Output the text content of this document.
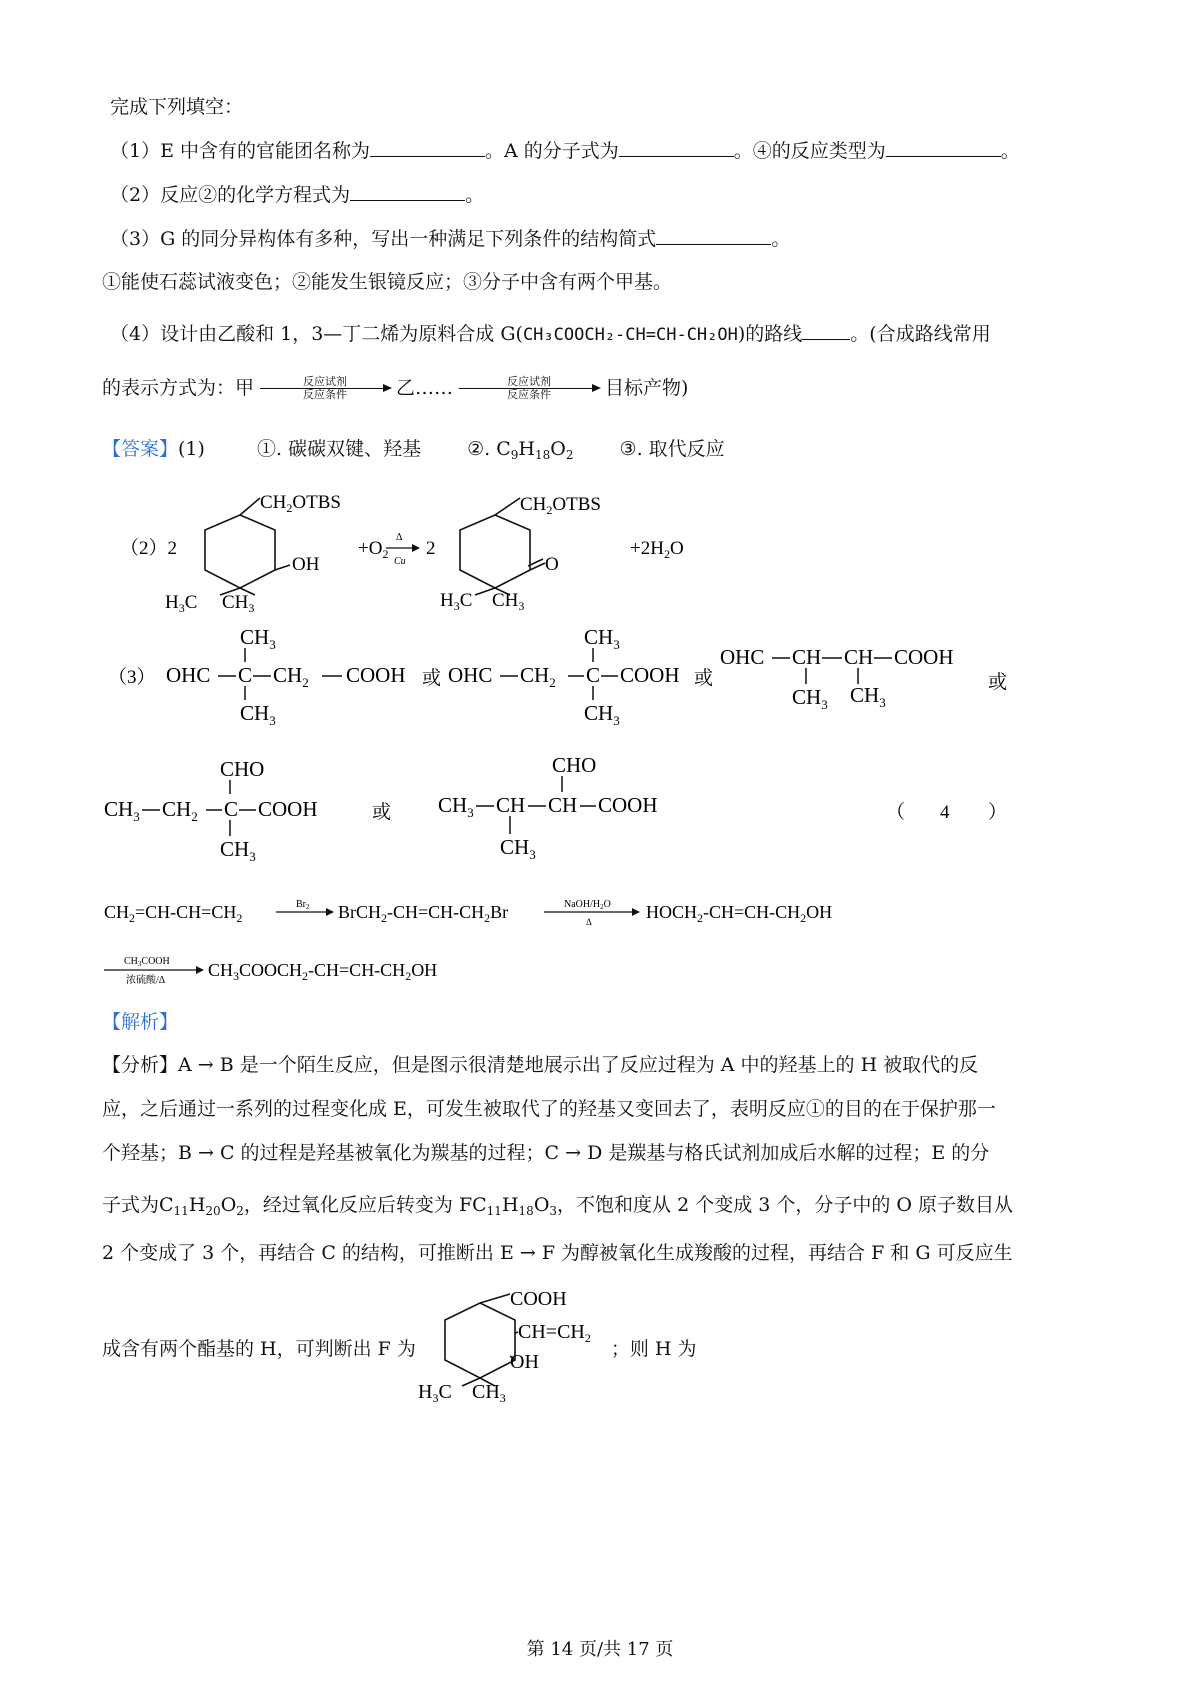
完成下列填空：
（1）E 中含有的官能团名称为	。A 的分子式为	。④的反应类型为	。
（2）反应②的化学方程式为	。
（3）G 的同分异构体有多种，写出一种满足下列条件的结构简式	。
①能使石蕊试液变色；②能发生银镜反应；③分子中含有两个甲基。
（4）设计由乙酸和 1，3—丁二烯为原料合成 G(CH₃COOCH₂-CH=CH-CH₂OH)的路线	。(合成路线常用
的表示方式为：甲	反应试剂
反应条件	乙……	反应试剂
反应条件	目标产物)
【答案】(1)	①. 碳碳双键、羟基 ②. $C_9H_{18}O_2$ ③. 取代反应
（2）2
$CH_2OTBS$
OH
$H_3C$ $CH_3$
$+O_2$
Δ
Cu
2
$CH_2OTBS$
O
$H_3C$ $CH_3$
$+2H_2O$
（3） OHC C
$CH_3$
$CH_3$
$CH_2$ COOH 或 OHC $CH_2$ C
$CH_3$
$CH_3$
COOH 或
OHC CH CH COOH
$CH_3$ $CH_3$
或
CHO
$CH_3$ $CH_2$ C COOH
$CH_3$
或
CHO
$CH_3$ CH CH COOH
$CH_3$
（ 4 ）
$CH_2=CH-CH=CH_2$
$Br_2$ $BrCH_2-CH=CH-CH_2Br$	NaOH/$H_2O$
Δ	$HOCH_2-CH=CH-CH_2OH$
$CH_3COOH$
浓硫酸/Δ
$CH_3COOCH_2-CH=CH-CH_2OH$
【解析】
【分析】A → B 是一个陌生反应，但是图示很清楚地展示出了反应过程为 A 中的羟基上的 H 被取代的反
应，之后通过一系列的过程变化成 E，可发生被取代了的羟基又变回去了，表明反应①的目的在于保护那一
个羟基；B → C 的过程是羟基被氧化为羰基的过程；C → D 是羰基与格氏试剂加成后水解的过程；E 的分
子式为$C_{11}H_{20}O_2$，经过氧化反应后转变为 $FC_{11}H_{18}O_3$，不饱和度从 2 个变成 3 个，分子中的 O 原子数目从
2 个变成了 3 个，再结合 C 的结构，可推断出 E → F 为醇被氧化生成羧酸的过程，再结合 F 和 G 可反应生
成含有两个酯基的 H，可判断出 F 为	；则 H 为
COOH
$CH=CH_2$
OH
$H_3C$ $CH_3$
第 14 页/共 17 页
